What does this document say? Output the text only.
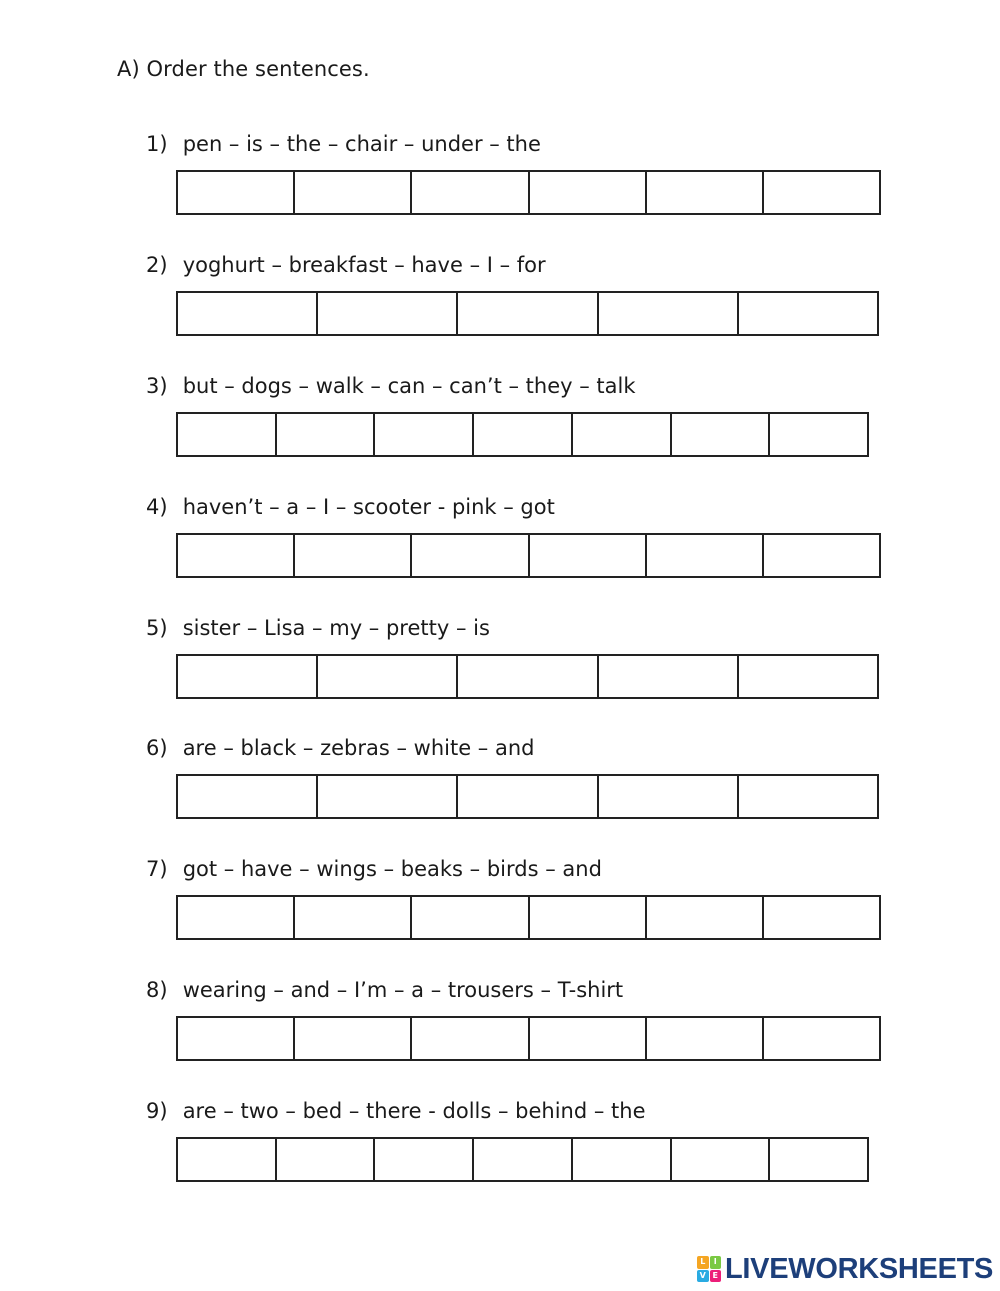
A) Order the sentences.
1) pen – is – the – chair – under – the
2) yoghurt – breakfast – have – I – for
3) but – dogs – walk – can – can’t – they – talk
4) haven’t – a – I – scooter - pink – got
5) sister – Lisa – my – pretty – is
6) are – black – zebras – white – and
7) got – have – wings – beaks – birds – and
8) wearing – and – I’m – a – trousers – T-shirt
9) are – two – bed – there - dolls – behind – the
L	I
V E LIVEWORKSHEETS
